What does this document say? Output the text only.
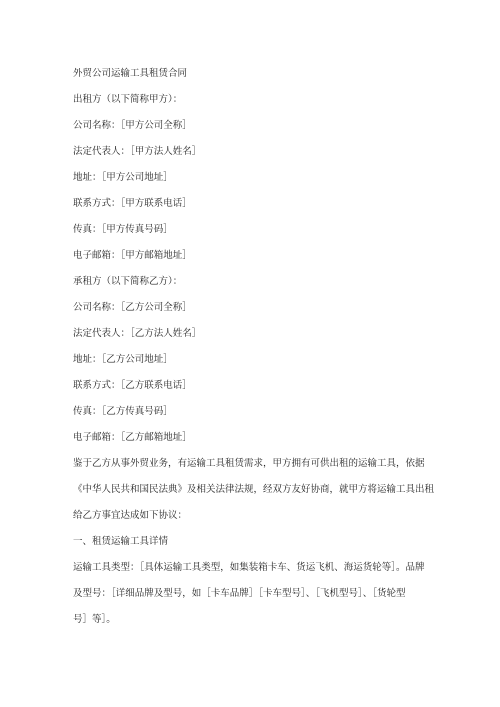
外贸公司运输工具租赁合同
出租方（以下简称甲方）：
公司名称：［甲方公司全称］
法定代表人：［甲方法人姓名］
地址：［甲方公司地址］
联系方式：［甲方联系电话］
传真：［甲方传真号码］
电子邮箱：［甲方邮箱地址］
承租方（以下简称乙方）：
公司名称：［乙方公司全称］
法定代表人：［乙方法人姓名］
地址：［乙方公司地址］
联系方式：［乙方联系电话］
传真：［乙方传真号码］
电子邮箱：［乙方邮箱地址］
鉴于乙方从事外贸业务，有运输工具租赁需求，甲方拥有可供出租的运输工具，依据
《中华人民共和国民法典》及相关法律法规，经双方友好协商，就甲方将运输工具出租
给乙方事宜达成如下协议：
一、租赁运输工具详情
运输工具类型：［具体运输工具类型，如集装箱卡车、货运飞机、海运货轮等］。品牌
及型号：［详细品牌及型号，如［卡车品牌］［卡车型号］、［飞机型号］、［货轮型
号］等］。
